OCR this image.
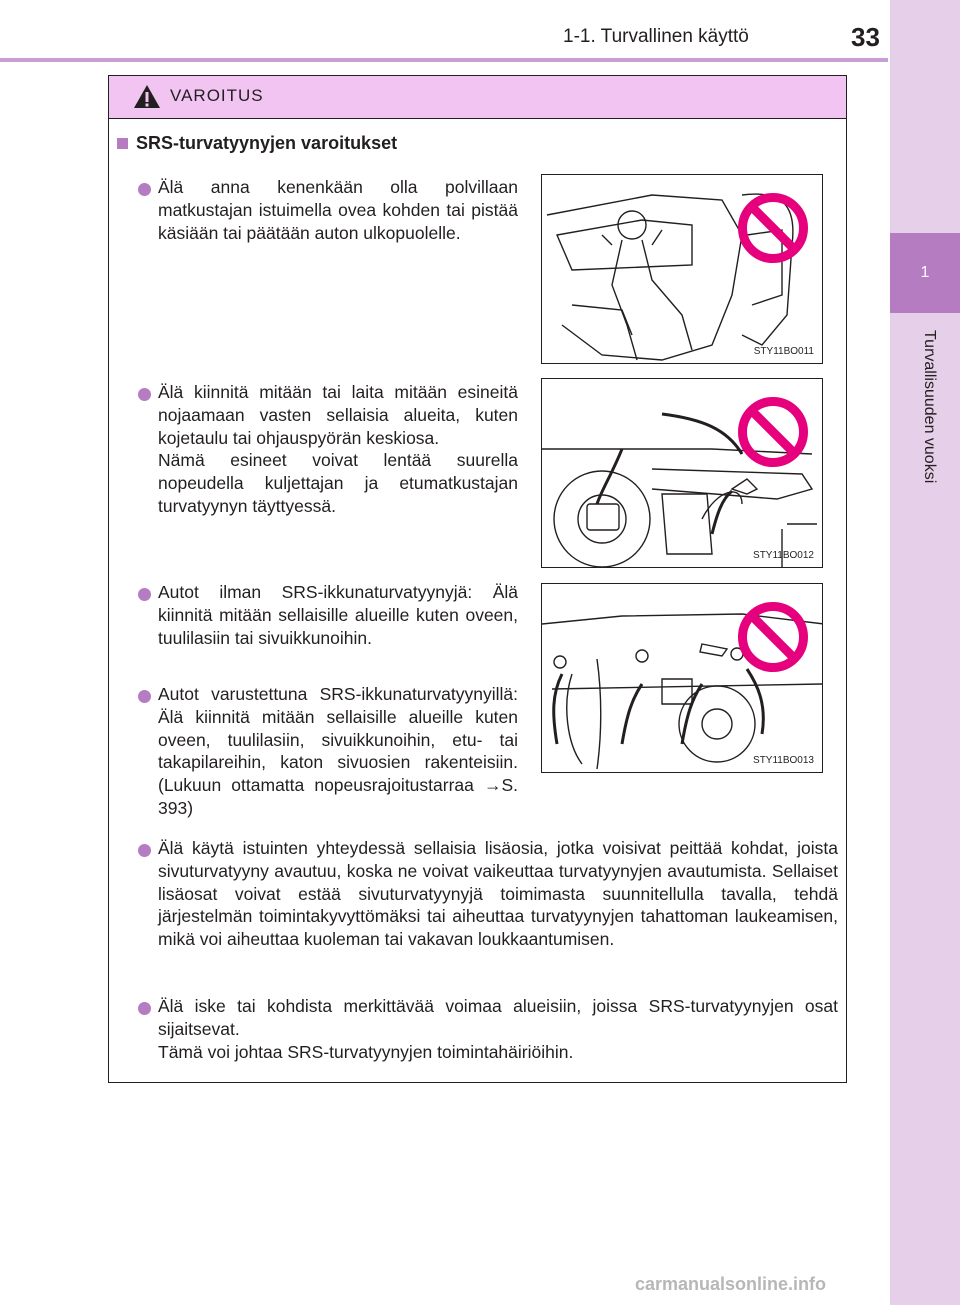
1-1. Turvallinen käyttö	33
1
Turvallisuuden vuoksi
VAROITUS
SRS-turvatyynyjen varoitukset

Älä anna kenenkään olla polvillaan matkustajan istuimella ovea kohden tai pistää käsiään tai päätään auton ulkopuolelle.

Älä kiinnitä mitään tai laita mitään esineitä nojaamaan vasten sellaisia alueita, kuten kojetaulu tai ohjauspyörän keskiosa.

Nämä esineet voivat lentää suurella nopeudella kuljettajan ja etumatkustajan turvatyynyn täyttyessä.

Autot ilman SRS-ikkunaturvatyynyjä: Älä kiinnitä mitään sellaisille alueille kuten oveen, tuulilasiin tai sivuikkunoihin.

Autot varustettuna SRS-ikkunaturvatyynyillä: Älä kiinnitä mitään sellaisille alueille kuten oveen, tuulilasiin, sivuikkunoihin, etu- tai takapilareihin, katon sivuosien rakenteisiin. (Lukuun ottamatta nopeusrajoitustarraa →S. 393)

Älä käytä istuinten yhteydessä sellaisia lisäosia, jotka voisivat peittää kohdat, joista sivuturvatyyny avautuu, koska ne voivat vaikeuttaa turvatyynyjen avautumista. Sellaiset lisäosat voivat estää sivuturvatyynyjä toimimasta suunnitellulla tavalla, tehdä järjestelmän toimintakyvyttömäksi tai aiheuttaa turvatyynyjen tahattoman laukeamisen, mikä voi aiheuttaa kuoleman tai vakavan loukkaantumisen.

Älä iske tai kohdista merkittävää voimaa alueisiin, joissa SRS-turvatyynyjen osat sijaitsevat.

Tämä voi johtaa SRS-turvatyynyjen toimintahäiriöihin.

STY11BO011
STY11BO012
STY11BO013
carmanualsonline.info
